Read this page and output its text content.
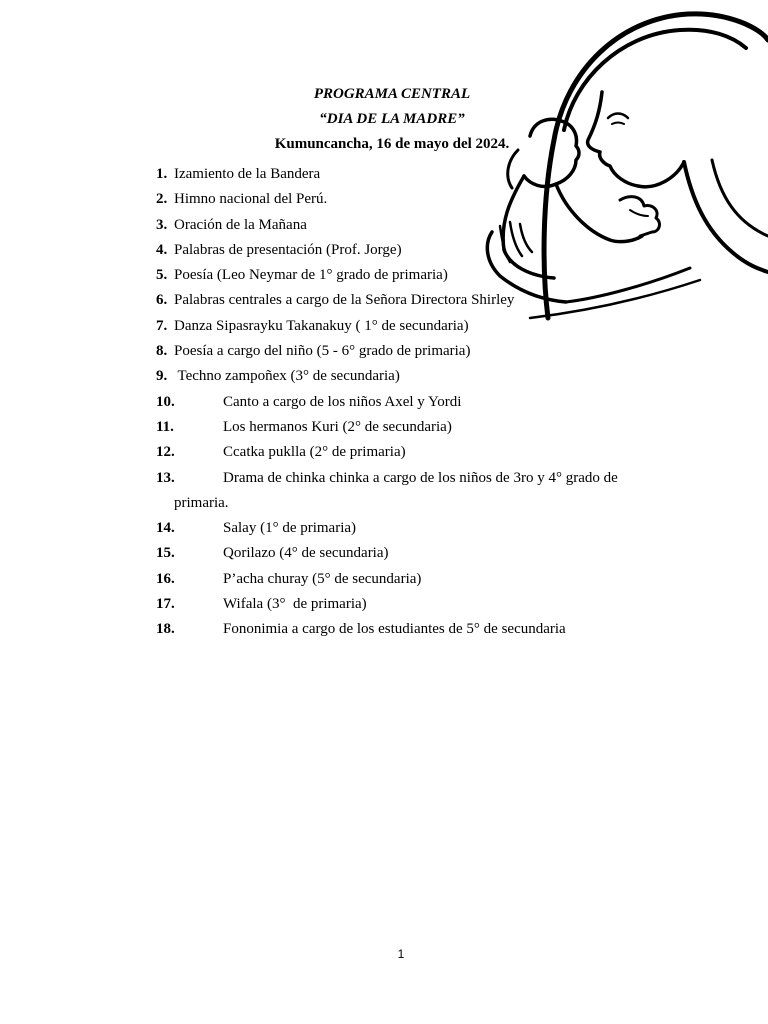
PROGRAMA CENTRAL
“DIA DE LA MADRE”
Kumuncancha, 16 de mayo del 2024.
1. Izamiento de la Bandera
2. Himno nacional del Perú.
3. Oración de la Mañana
4. Palabras de presentación (Prof. Jorge)
5. Poesía (Leo Neymar de 1° grado de primaria)
6. Palabras centrales a cargo de la Señora Directora Shirley
7. Danza Sipasrayku Takanakuy ( 1° de secundaria)
8. Poesía a cargo del niño (5 - 6° grado de primaria)
9. Techno zampoñex (3° de secundaria)
10.	Canto a cargo de los niños Axel y Yordi
11.	Los hermanos Kuri (2° de secundaria)
12.	Ccatka puklla (2° de primaria)
13.	Drama de chinka chinka a cargo de los niños de 3ro y 4° grado de
primaria.
14.	Salay (1° de primaria)
15.	Qorilazo (4° de secundaria)
16.	P’acha churay (5° de secundaria)
17.	Wifala (3°  de primaria)
18.	Fononimia a cargo de los estudiantes de 5° de secundaria
1
